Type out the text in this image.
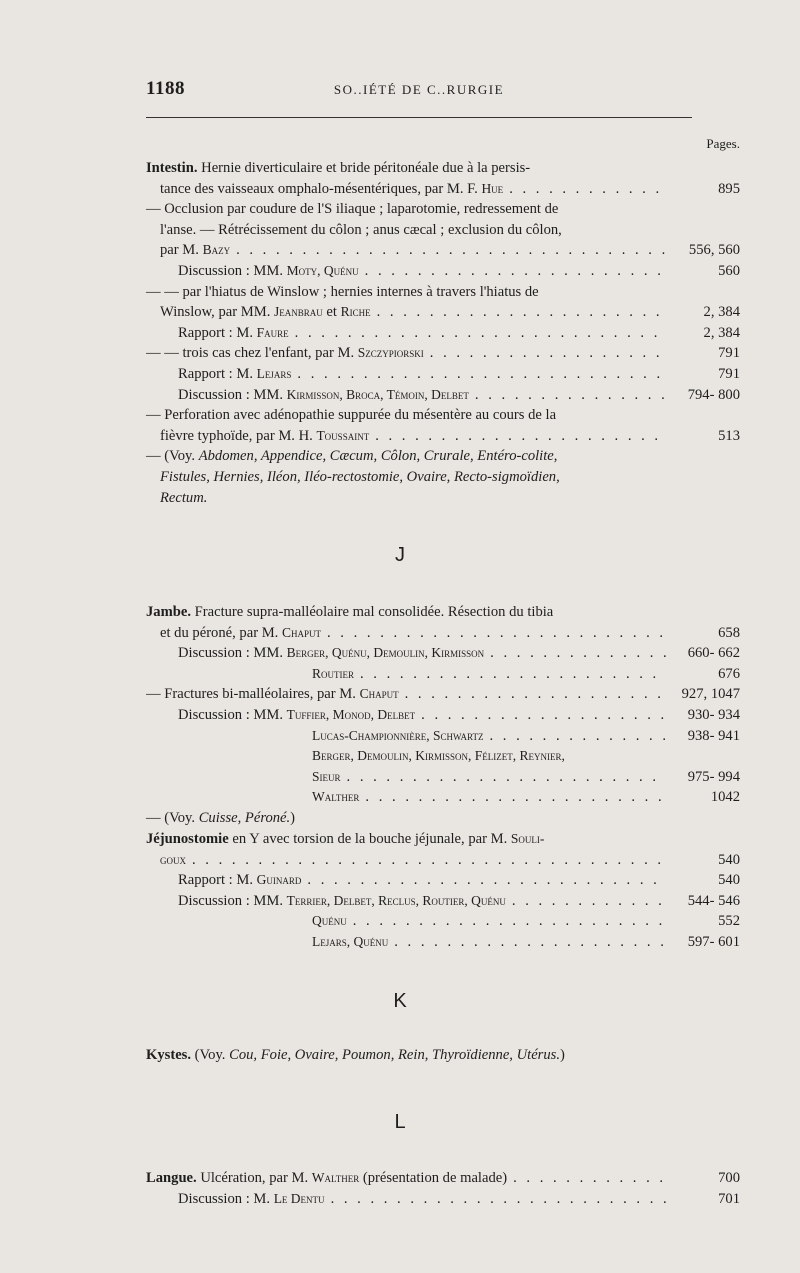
1188	SO..IÉTÉ DE C..RURGIE
Pages.
Intestin. Hernie diverticulaire et bride péritonéale due à la persis-
tance des vaisseaux omphalo-mésentériques, par M. F. Hue . . .	895
— Occlusion par coudure de l'S iliaque ; laparotomie, redressement de
l'anse. — Rétrécissement du côlon ; anus cæcal ; exclusion du côlon,
par M. Bazy . . .	556, 560
Discussion : MM. Moty, Quénu . . .	560
— — par l'hiatus de Winslow ; hernies internes à travers l'hiatus de
Winslow, par MM. Jeanbrau et Riche . . .	2, 384
Rapport : M. Faure . . .	2, 384
— — trois cas chez l'enfant, par M. Szczypiorski . . .	791
Rapport : M. Lejars . . .	791
Discussion : MM. Kirmisson, Broca, Témoin, Delbet . . .	794- 800
— Perforation avec adénopathie suppurée du mésentère au cours de la
fièvre typhoïde, par M. H. Toussaint . . .	513
— (Voy. Abdomen, Appendice, Cæcum, Côlon, Crurale, Entéro-colite,
Fistules, Hernies, Iléon, Iléo-rectostomie, Ovaire, Recto-sigmoïdien,
Rectum.
J
Jambe. Fracture supra-malléolaire mal consolidée. Résection du tibia
et du péroné, par M. Chaput . . .	658
Discussion : MM. Berger, Quénu, Demoulin, Kirmisson . . .	660- 662
Routier . . .	676
— Fractures bi-malléolaires, par M. Chaput . . .	927, 1047
Discussion : MM. Tuffier, Monod, Delbet . . .	930- 934
Lucas-Championnière, Schwartz . . .	938- 941
Berger, Demoulin, Kirmisson, Félizet, Reynier,
Sieur . . .	975- 994
Walther . . .	1042
— (Voy. Cuisse, Péroné.)
Jéjunostomie en Y avec torsion de la bouche jéjunale, par M. Souli-
goux . . .	540
Rapport : M. Guinard . . .	540
Discussion : MM. Terrier, Delbet, Reclus, Routier, Quénu . . .	544- 546
Quénu . . .	552
Lejars, Quénu . . .	597- 601
K
Kystes. (Voy. Cou, Foie, Ovaire, Poumon, Rein, Thyroïdienne, Utérus.)
L
Langue. Ulcération, par M. Walther (présentation de malade) . . .	700
Discussion : M. Le Dentu . . .	701
